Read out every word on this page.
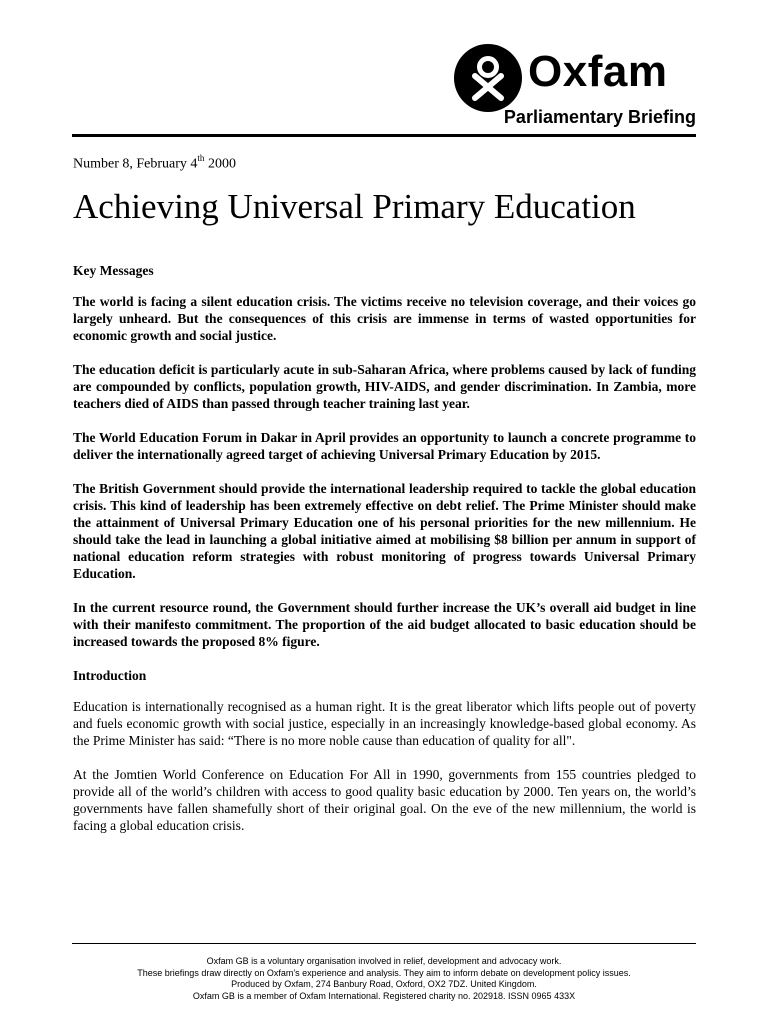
Oxfam
Parliamentary Briefing
Number 8, February 4th 2000
Achieving Universal Primary Education
Key Messages

The world is facing a silent education crisis. The victims receive no television coverage, and their voices go largely unheard. But the consequences of this crisis are immense in terms of wasted opportunities for economic growth and social justice.

The education deficit is particularly acute in sub-Saharan Africa, where problems caused by lack of funding are compounded by conflicts, population growth, HIV-AIDS, and gender discrimination. In Zambia, more teachers died of AIDS than passed through teacher training last year.

The World Education Forum in Dakar in April provides an opportunity to launch a concrete programme to deliver the internationally agreed target of achieving Universal Primary Education by 2015.

The British Government should provide the international leadership required to tackle the global education crisis. This kind of leadership has been extremely effective on debt relief. The Prime Minister should make the attainment of Universal Primary Education one of his personal priorities for the new millennium. He should take the lead in launching a global initiative aimed at mobilising $8 billion per annum in support of national education reform strategies with robust monitoring of progress towards Universal Primary Education.

In the current resource round, the Government should further increase the UK’s overall aid budget in line with their manifesto commitment. The proportion of the aid budget allocated to basic education should be increased towards the proposed 8% figure.

Introduction

Education is internationally recognised as a human right. It is the great liberator which lifts people out of poverty and fuels economic growth with social justice, especially in an increasingly knowledge-based global economy. As the Prime Minister has said: “There is no more noble cause than education of quality for all".

At the Jomtien World Conference on Education For All in 1990, governments from 155 countries pledged to provide all of the world’s children with access to good quality basic education by 2000. Ten years on, the world’s governments have fallen shamefully short of their original goal. On the eve of the new millennium, the world is facing a global education crisis.

Oxfam GB is a voluntary organisation involved in relief, development and advocacy work.
These briefings draw directly on Oxfam’s experience and analysis. They aim to inform debate on development policy issues.
Produced by Oxfam, 274 Banbury Road, Oxford, OX2 7DZ. United Kingdom.
Oxfam GB is a member of Oxfam International. Registered charity no. 202918. ISSN 0965 433X
